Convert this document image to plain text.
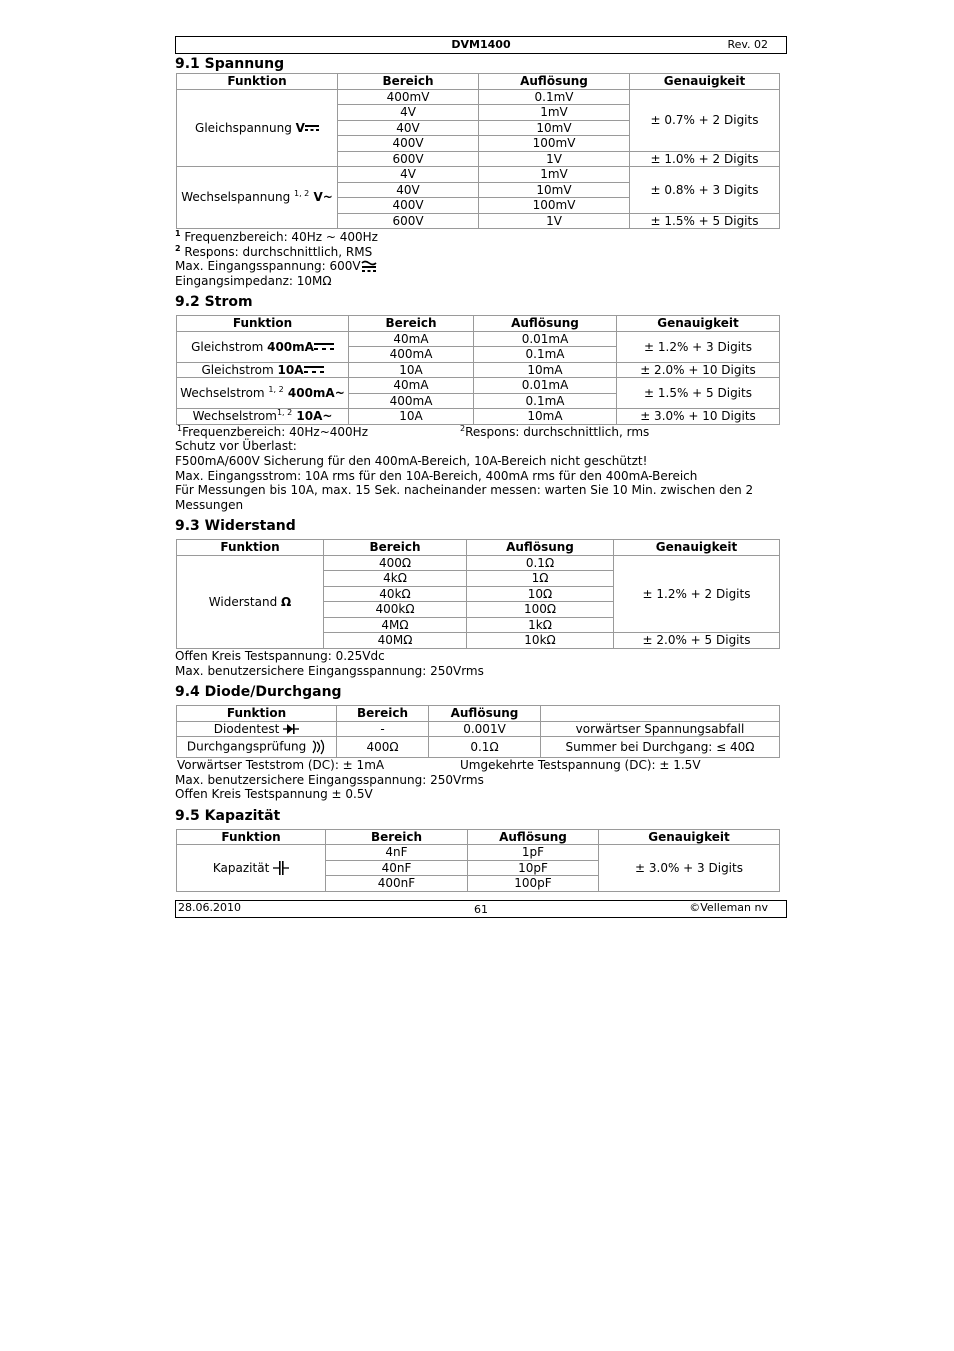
DVM1400	Rev. 02
9.1 Spannung
Funktion	Bereich	Auflösung	Genauigkeit
Gleichspannung V	400mV	0.1mV	± 0.7% + 2 Digits
	4V	1mV	
	40V	10mV	
	400V	100mV	
	600V	1V	± 1.0% + 2 Digits
Wechselspannung $^{1, 2}$ V~	4V	1mV	± 0.8% + 3 Digits
	40V	10mV	
	400V	100mV	
	600V	1V	± 1.5% + 5 Digits
$^1$ Frequenzbereich: 40Hz ~ 400Hz
$^2$ Respons: durchschnittlich, RMS
Max. Eingangsspannung: 600V
Eingangsimpedanz: 10MΩ
9.2 Strom
Funktion	Bereich	Auflösung	Genauigkeit
Gleichstrom 400mA	40mA	0.01mA	± 1.2% + 3 Digits
	400mA	0.1mA	
Gleichstrom 10A	10A	10mA	± 2.0% + 10 Digits
Wechselstrom $^{1, 2}$ 400mA~	40mA	0.01mA	± 1.5% + 5 Digits
	400mA	0.1mA	
Wechselstrom$^{1, 2}$ 10A~	10A	10mA	± 3.0% + 10 Digits
$^1$ Frequenzbereich: 40Hz~400Hz	$^2$ Respons: durchschnittlich, rms
Schutz vor Überlast:
F500mA/600V Sicherung für den 400mA-Bereich, 10A-Bereich nicht geschützt!
Max. Eingangsstrom: 10A rms für den 10A-Bereich, 400mA rms für den 400mA-Bereich
Für Messungen bis 10A, max. 15 Sek. nacheinander messen: warten Sie 10 Min. zwischen den 2
Messungen
9.3 Widerstand
Funktion	Bereich	Auflösung	Genauigkeit
Widerstand Ω	400Ω	0.1Ω	± 1.2% + 2 Digits
	4kΩ	1Ω	
	40kΩ	10Ω	
	400kΩ	100Ω	
	4MΩ	1kΩ	
	40MΩ	10kΩ	± 2.0% + 5 Digits
Offen Kreis Testspannung: 0.25Vdc
Max. benutzersichere Eingangsspannung: 250Vrms
9.4 Diode/Durchgang
Funktion	Bereich	Auflösung	
Diodentest	-	0.001V	vorwärtser Spannungsabfall
Durchgangsprüfung	400Ω	0.1Ω	Summer bei Durchgang: ≤ 40Ω
Vorwärtser Teststrom (DC): ± 1mA	Umgekehrte Testspannung (DC): ± 1.5V
Max. benutzersichere Eingangsspannung: 250Vrms
Offen Kreis Testspannung ± 0.5V
9.5 Kapazität
Funktion	Bereich	Auflösung	Genauigkeit
Kapazität	4nF	1pF	± 3.0% + 3 Digits
	40nF	10pF	
	400nF	100pF	
28.06.2010	61	©Velleman nv
